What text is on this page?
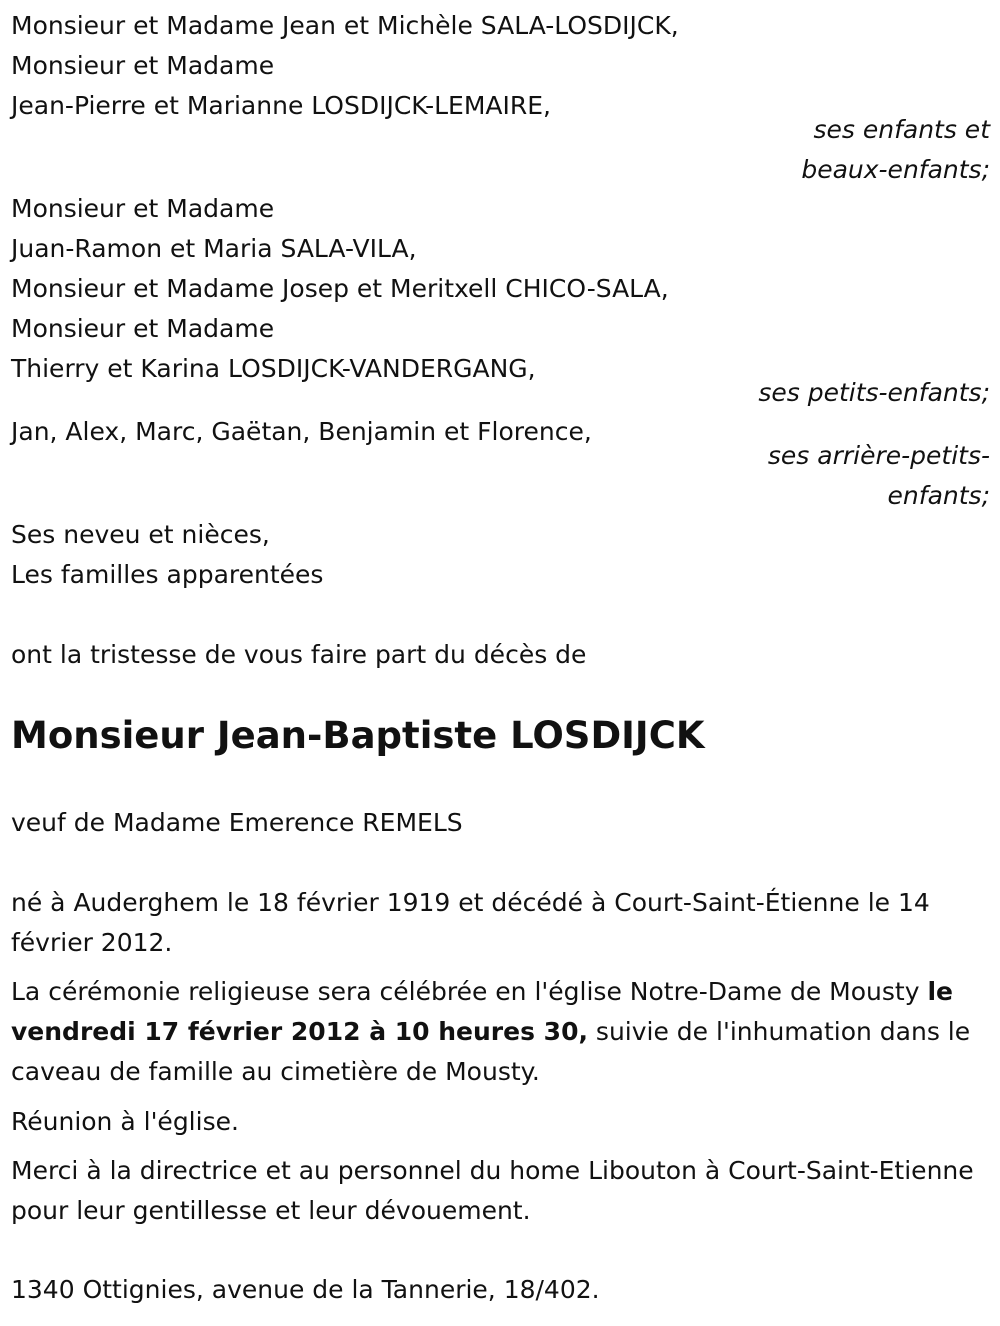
Monsieur et Madame Jean et Michèle SALA-LOSDIJCK,
Monsieur et Madame
Jean-Pierre et Marianne LOSDIJCK-LEMAIRE,
ses enfants et
beaux-enfants;
Monsieur et Madame
Juan-Ramon et Maria SALA-VILA,
Monsieur et Madame Josep et Meritxell CHICO-SALA,
Monsieur et Madame
Thierry et Karina LOSDIJCK-VANDERGANG,
ses petits-enfants;
Jan, Alex, Marc, Gaëtan, Benjamin et Florence,
ses arrière-petits-
enfants;
Ses neveu et nièces,
Les familles apparentées
ont la tristesse de vous faire part du décès de
Monsieur Jean-Baptiste LOSDIJCK
veuf de Madame Emerence REMELS
né à Auderghem le 18 février 1919 et décédé à Court-Saint-Étienne le 14 février 2012.
La cérémonie religieuse sera célébrée en l'église Notre-Dame de Mousty le vendredi 17 février 2012 à 10 heures 30, suivie de l'inhumation dans le caveau de famille au cimetière de Mousty.
Réunion à l'église.
Merci à la directrice et au personnel du home Libouton à Court-Saint-Etienne pour leur gentillesse et leur dévouement.
1340 Ottignies, avenue de la Tannerie, 18/402.
